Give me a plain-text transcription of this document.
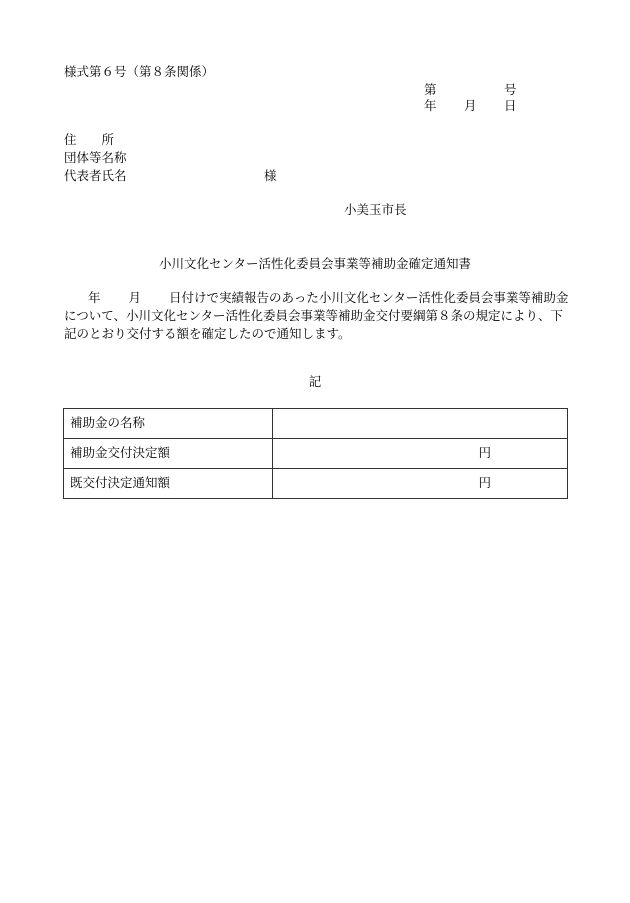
様式第６号（第８条関係）
第	号
年 月 日
住　　所
団体等名称
代表者氏名	様
小美玉市長
小川文化センター活性化委員会事業等補助金確定通知書
年 月 日付けで実績報告のあった小川文化センター活性化委員会事業等補助金について、小川文化センター活性化委員会事業等補助金交付要綱第８条の規定により、下記のとおり交付する額を確定したので通知します。
記
補助金の名称	
補助金交付決定額	円
既交付決定通知額	円
